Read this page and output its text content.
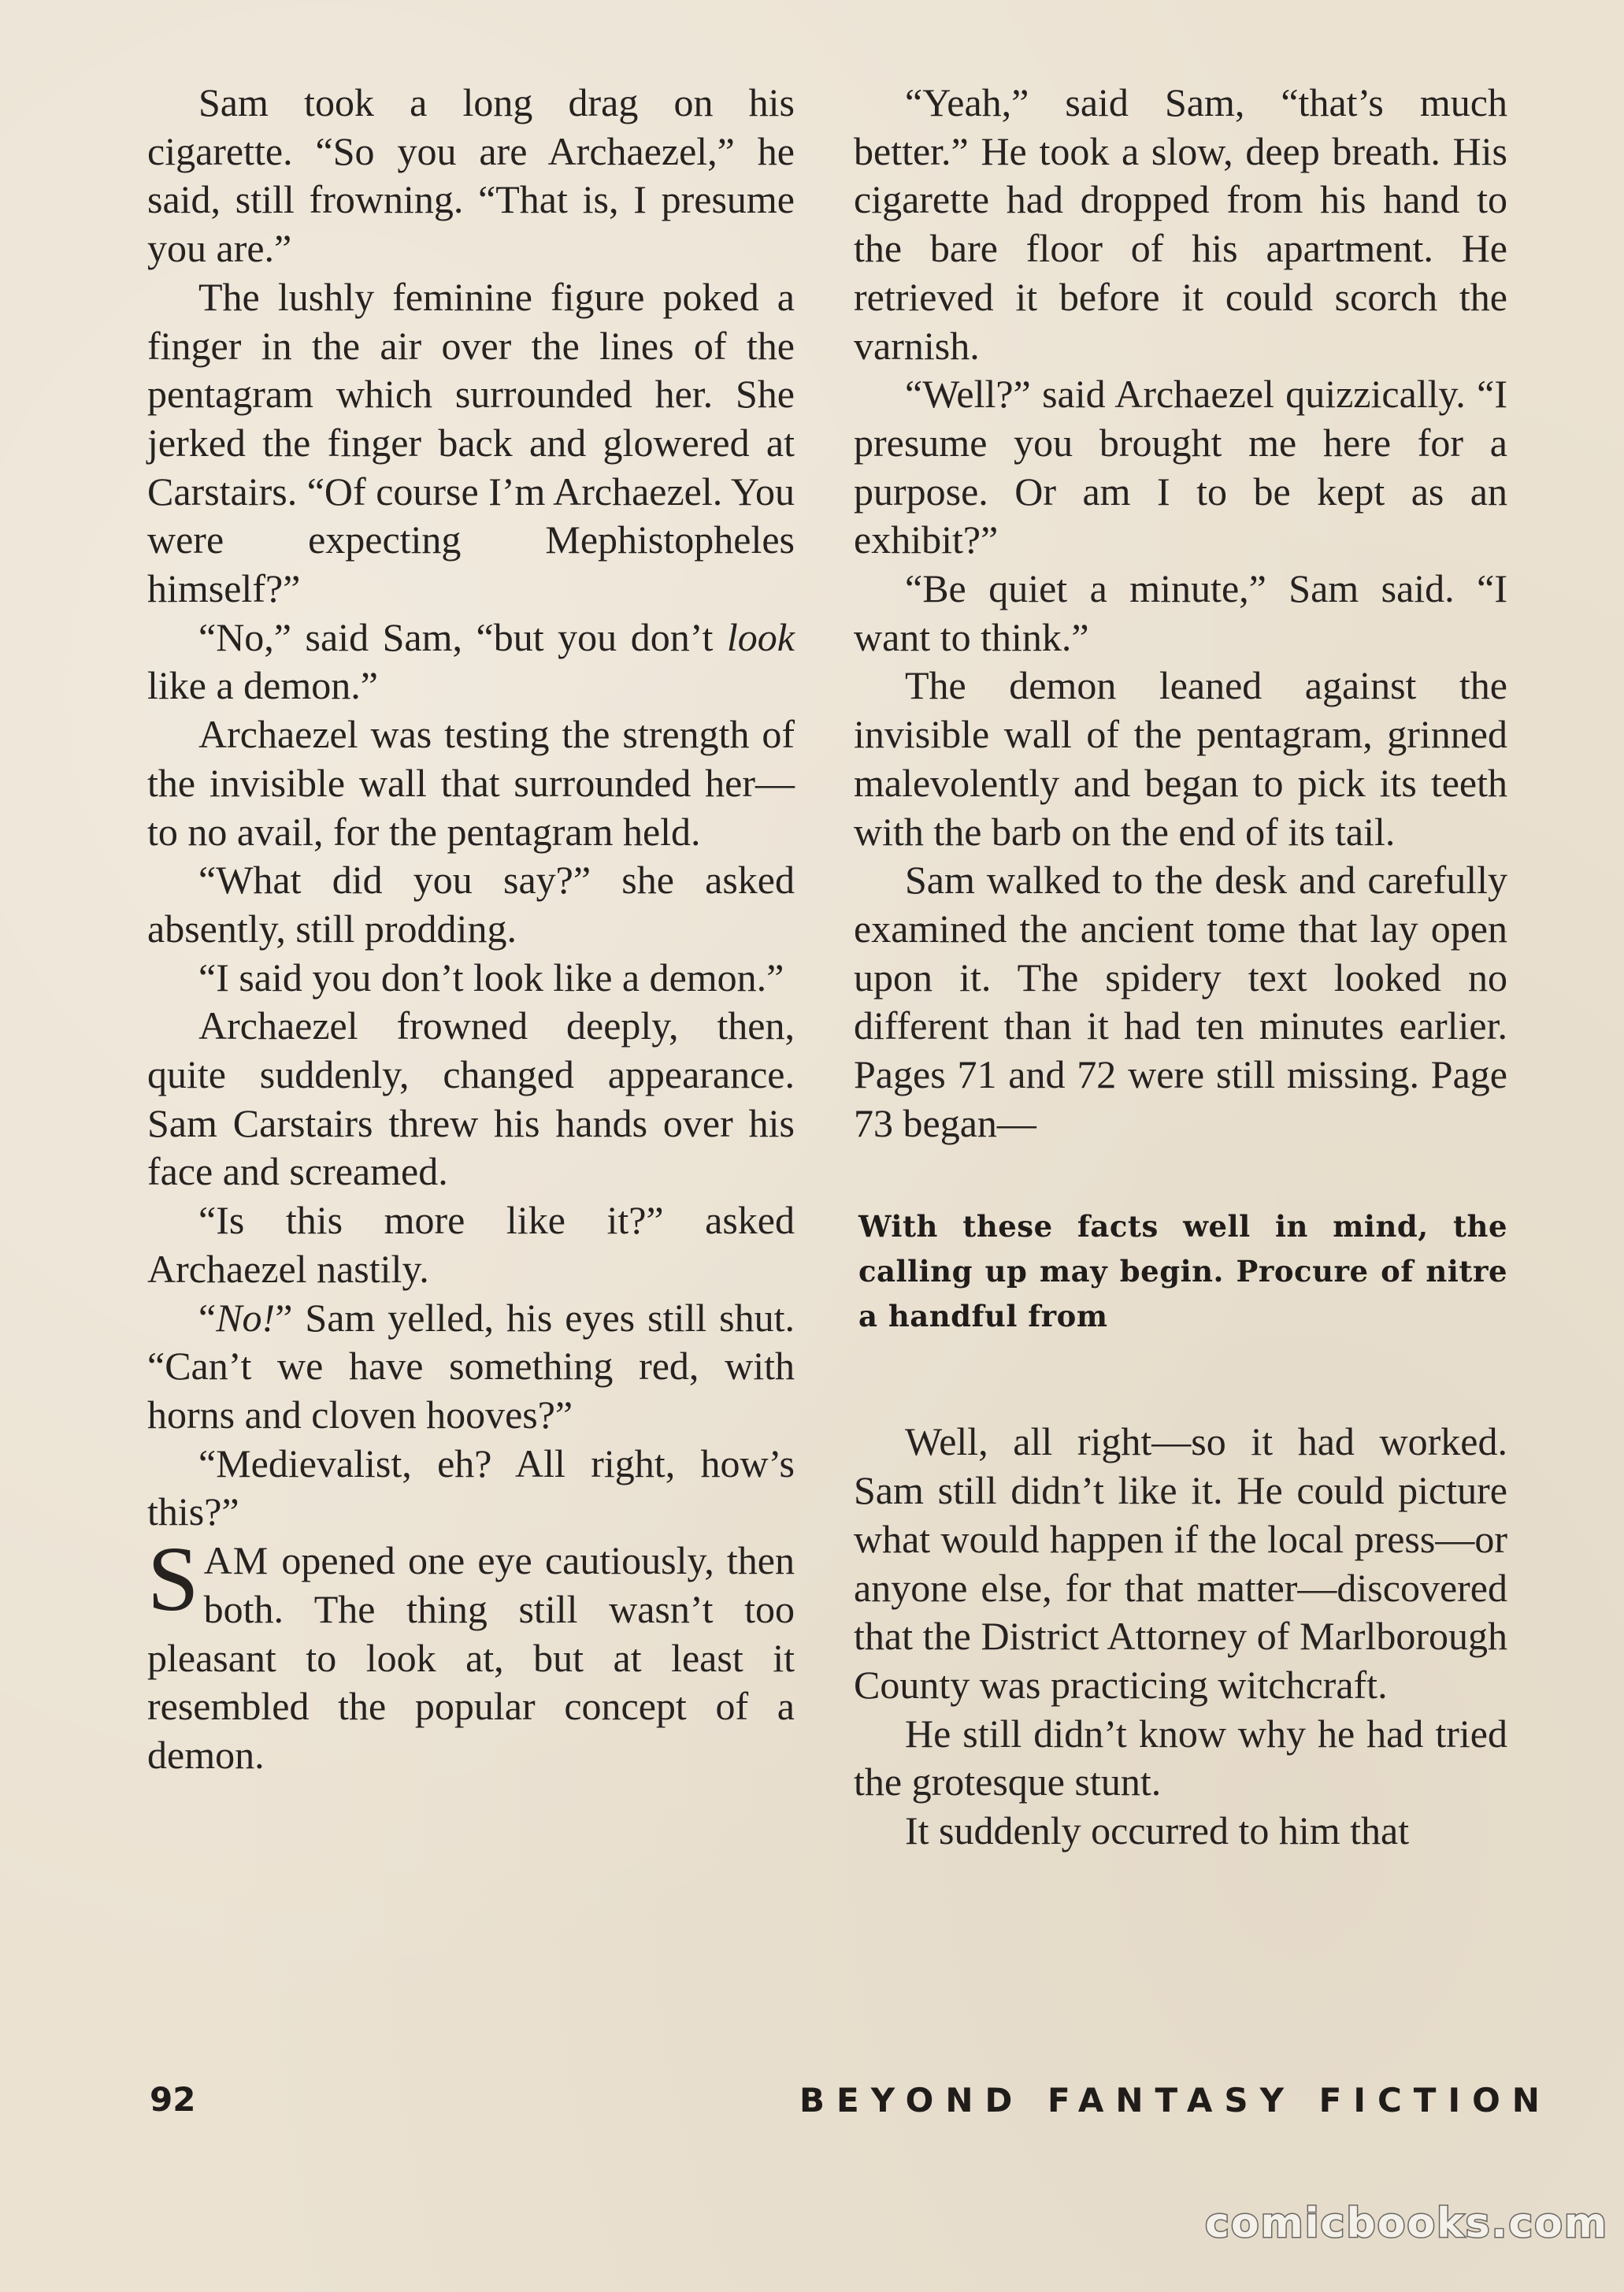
Sam took a long drag on his cigarette. “So you are Archaezel,” he said, still frowning. “That is, I presume you are.”

The lushly feminine figure poked a finger in the air over the lines of the pentagram which surrounded her. She jerked the finger back and glowered at Carstairs. “Of course I’m Archaezel. You were expecting Mephistopheles himself?”

“No,” said Sam, “but you don’t look like a demon.”

Archaezel was testing the strength of the invisible wall that surrounded her—to no avail, for the pentagram held.

“What did you say?” she asked absently, still prodding.

“I said you don’t look like a demon.”

Archaezel frowned deeply, then, quite suddenly, changed appearance. Sam Carstairs threw his hands over his face and screamed.

“Is this more like it?” asked Archaezel nastily.

“No!” Sam yelled, his eyes still shut. “Can’t we have something red, with horns and cloven hooves?”

“Medievalist, eh? All right, how’s this?”

SAM opened one eye cautiously, then both. The thing still wasn’t too pleasant to look at, but at least it resembled the popular concept of a demon.

“Yeah,” said Sam, “that’s much better.” He took a slow, deep breath. His cigarette had dropped from his hand to the bare floor of his apartment. He retrieved it before it could scorch the varnish.

“Well?” said Archaezel quizzically. “I presume you brought me here for a purpose. Or am I to be kept as an exhibit?”

“Be quiet a minute,” Sam said. “I want to think.”

The demon leaned against the invisible wall of the pentagram, grinned malevolently and began to pick its teeth with the barb on the end of its tail.

Sam walked to the desk and carefully examined the ancient tome that lay open upon it. The spidery text looked no different than it had ten minutes earlier. Pages 71 and 72 were still missing. Page 73 began—

With these facts well in mind, the calling up may begin. Procure of nitre a handful from

Well, all right—so it had worked. Sam still didn’t like it. He could picture what would happen if the local press—or anyone else, for that matter—discovered that the District Attorney of Marlborough County was practicing witchcraft.

He still didn’t know why he had tried the grotesque stunt.

It suddenly occurred to him that

92	BEYOND FANTASY FICTION
comicbooks.com
